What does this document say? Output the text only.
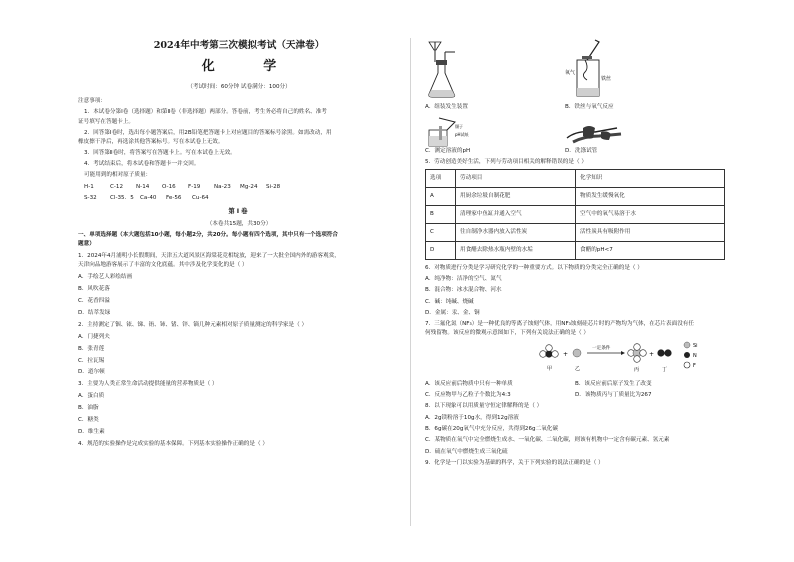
2024年中考第三次模拟考试（天津卷）
化 学
（考试时间：60分钟 试卷满分：100分）
注意事项：

1．本试卷分第Ⅰ卷（选择题）和第Ⅱ卷（非选择题）两部分。答卷前，考生务必将自己的姓名、准考

证号填写在答题卡上。

2．回答第Ⅰ卷时，选出每小题答案后，用2B铅笔把答题卡上对应题目的答案标号涂黑。如需改动，用

橡皮擦干净后，再选涂其他答案标号。写在本试卷上无效。

3．回答第Ⅱ卷时，将答案写在答题卡上。写在本试卷上无效。

4．考试结束后，将本试卷和答题卡一并交回。

可能用到的相对原子质量：

H-1	C-12	N-14	O-16	F-19	Na-23	Mg-24	Si-28
S-32	Cl-35．5	Ca-40	Fe-56	Cu-64
第Ⅰ卷
（本卷共15题，共30分）
一、单项选择题（本大题包括10小题，每小题2分，共20分。每小题有四个选项，其中只有一个选项符合
题意）
1．2024年4月浦明小长假期间，天津五大道风景区海棠花竞相绽放，迎来了一大批全国内外的游客观赏，
天津向品地游客展示了丰富的文化底蕴。其中涉及化学变化的是（ ）
A．手绘艺人彩绘结画
B．风吹花落
C．花香四溢
D．结萃发绿
2．主持测定了铟、铱、锑、铕、铈、锗、锌、镝几种元素相对原子质量测定的科学家是（ ）
A．门捷列夫
B．张青莲
C．拉瓦锡
D．道尔顿
3．主要为人类正常生命活动提供能量的营养物质是（ ）
A．蛋白质
B．油脂
C．糖类
D．维生素
4．规范的实验操作是完成实验的基本保障。下列基本实验操作正确的是（ ）
A．组装发生装置
氧气
铁丝
B．铁丝与氧气反应
镊子
pH试纸
C．测定溶液的pH	D．洗涤试管
5．劳动创造美好生活，下列与劳动项目相关的解释错误的是（ ）
选项	劳动项目	化学知识
A	用厨余垃圾自制花肥	物质发生缓慢氧化
B	清理家中鱼缸并通入空气	空气中的氧气易溶于水
C	往自制净水器内放入活性炭	活性炭具有吸附作用
D	用食醋去除热水瓶内壁的水垢	食醋的pH<7
6．对物质进行分类是学习研究化学的一种重要方式。以下物质的分类完全正确的是（ ）
A．纯净物：洁净的空气、氮气
B．混合物：冰水混合物、河水
C．碱：纯碱、烧碱
D．金属：汞、金、铜
7．三氟化氮（NF₃）是一种优良的等离子蚀刻气体，用NF₃蚀刻硅芯片时的产物均为气体，在芯片表面没有任
何残留物。该反应的微观示意图如下，下列有关说法正确的是（ ）
甲
+
乙
一定条件
丙
+
丁
Si
N
F
A．该反应前后物质中只有一种单质	B．该反应前后原子发生了改变
C．反应物甲与乙粒子个数比为4:3	D．该物质丙与丁质量比为267
8．以下现象可以用质量守恒定律解释的是（ ）
A．2g镁粉溶于10g水，得到12g溶液
B．6g碳在20g氧气中充分反应，共得到26g二氧化碳
C．某物质在氧气中完全燃烧生成水、一氧化碳、二氧化碳，则该有机物中一定含有碳元素、氢元素
D．硫在氧气中燃烧生成三氧化硫
9．化学是一门以实验为基础的科学，关于下列实验的说法正确的是（ ）
